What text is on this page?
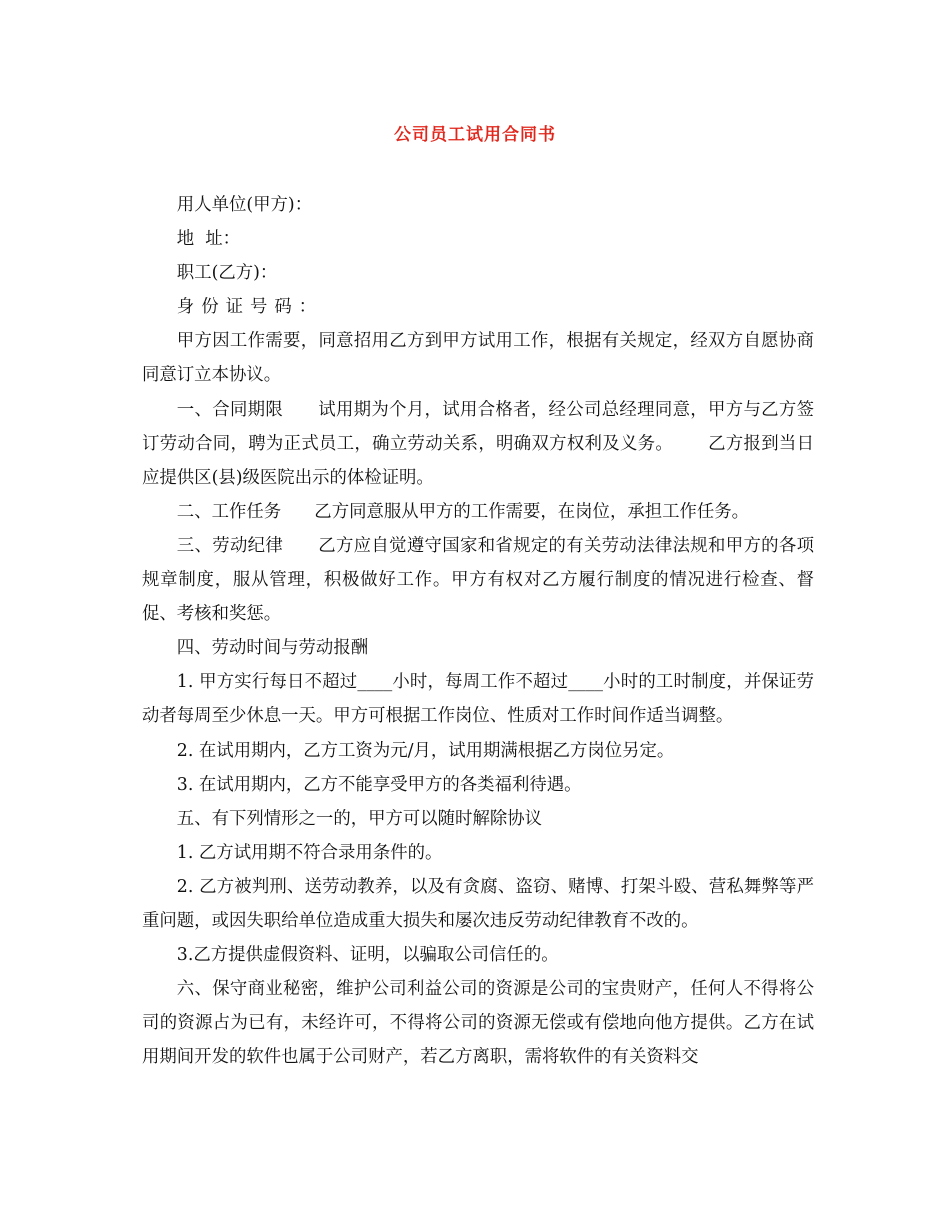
公司员工试用合同书

用人单位(甲方)：

地  址：

职工(乙方)：

身份证号码：

甲方因工作需要，同意招用乙方到甲方试用工作，根据有关规定，经双方自愿协商同意订立本协议。

一、合同期限      试用期为个月，试用合格者，经公司总经理同意，甲方与乙方签订劳动合同，聘为正式员工，确立劳动关系，明确双方权利及义务。      乙方报到当日应提供区(县)级医院出示的体检证明。

二、工作任务      乙方同意服从甲方的工作需要，在岗位，承担工作任务。

三、劳动纪律      乙方应自觉遵守国家和省规定的有关劳动法律法规和甲方的各项规章制度，服从管理，积极做好工作。甲方有权对乙方履行制度的情况进行检查、督促、考核和奖惩。

四、劳动时间与劳动报酬

1. 甲方实行每日不超过____小时，每周工作不超过____小时的工时制度，并保证劳动者每周至少休息一天。甲方可根据工作岗位、性质对工作时间作适当调整。

2. 在试用期内，乙方工资为元/月，试用期满根据乙方岗位另定。

3. 在试用期内，乙方不能享受甲方的各类福利待遇。

五、有下列情形之一的，甲方可以随时解除协议

1. 乙方试用期不符合录用条件的。

2. 乙方被判刑、送劳动教养，以及有贪腐、盗窃、赌博、打架斗殴、营私舞弊等严重问题，或因失职给单位造成重大损失和屡次违反劳动纪律教育不改的。

3.乙方提供虚假资料、证明，以骗取公司信任的。

六、保守商业秘密，维护公司利益公司的资源是公司的宝贵财产，任何人不得将公司的资源占为已有，未经许可，不得将公司的资源无偿或有偿地向他方提供。乙方在试用期间开发的软件也属于公司财产，若乙方离职，需将软件的有关资料交
